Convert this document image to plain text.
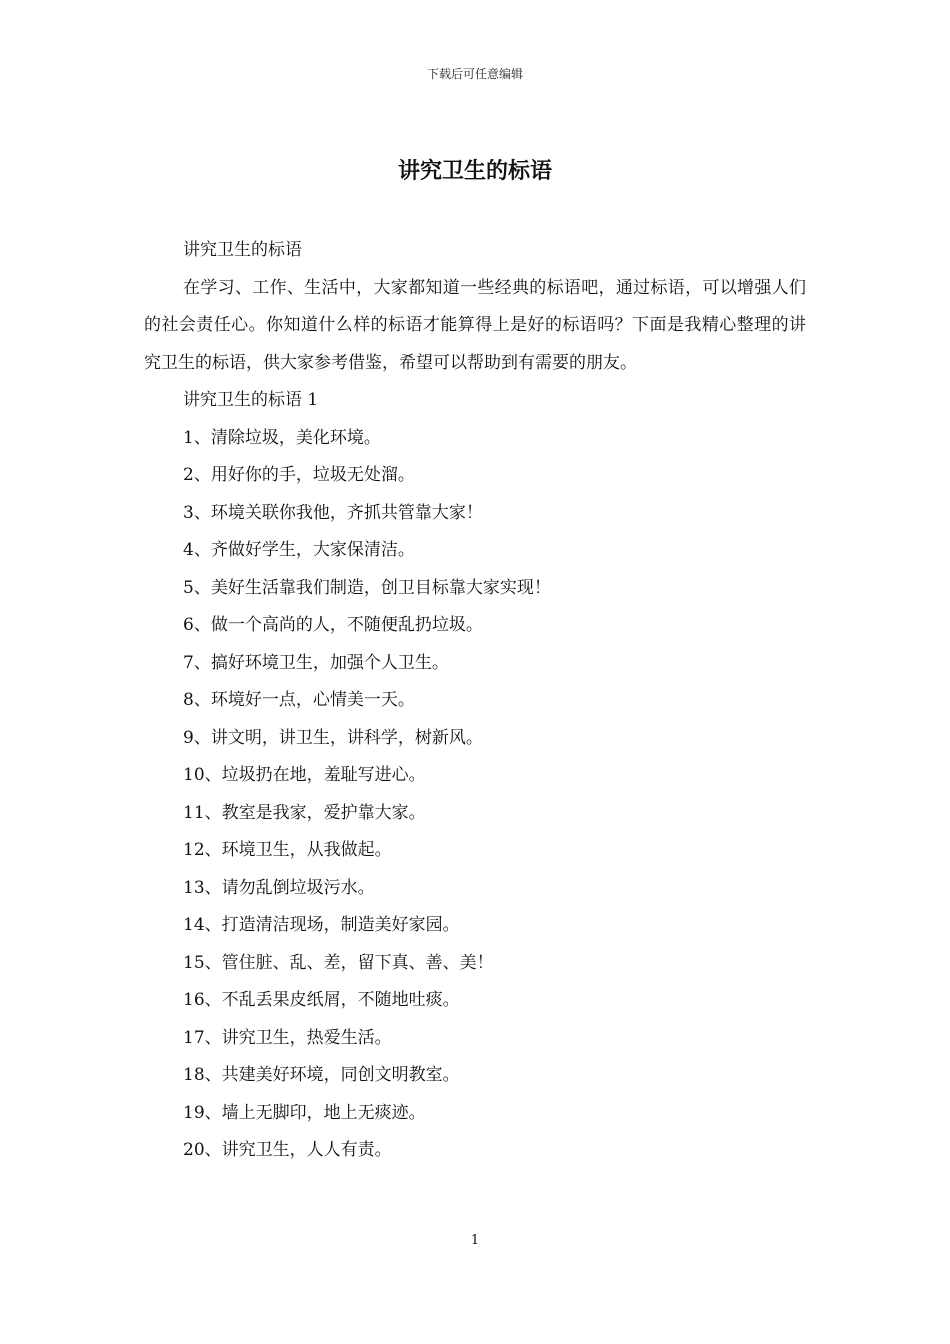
下载后可任意编辑
讲究卫生的标语

讲究卫生的标语

在学习、工作、生活中，大家都知道一些经典的标语吧，通过标语，可以增强人们的社会责任心。你知道什么样的标语才能算得上是好的标语吗？下面是我精心整理的讲究卫生的标语，供大家参考借鉴，希望可以帮助到有需要的朋友。

讲究卫生的标语 1

1、清除垃圾，美化环境。

2、用好你的手，垃圾无处溜。

3、环境关联你我他，齐抓共管靠大家！

4、齐做好学生，大家保清洁。

5、美好生活靠我们制造，创卫目标靠大家实现！

6、做一个高尚的人，不随便乱扔垃圾。

7、搞好环境卫生，加强个人卫生。

8、环境好一点，心情美一天。

9、讲文明，讲卫生，讲科学，树新风。

10、垃圾扔在地，羞耻写进心。

11、教室是我家，爱护靠大家。

12、环境卫生，从我做起。

13、请勿乱倒垃圾污水。

14、打造清洁现场，制造美好家园。

15、管住脏、乱、差，留下真、善、美！

16、不乱丢果皮纸屑，不随地吐痰。

17、讲究卫生，热爱生活。

18、共建美好环境，同创文明教室。

19、墙上无脚印，地上无痰迹。

20、讲究卫生，人人有责。

1
